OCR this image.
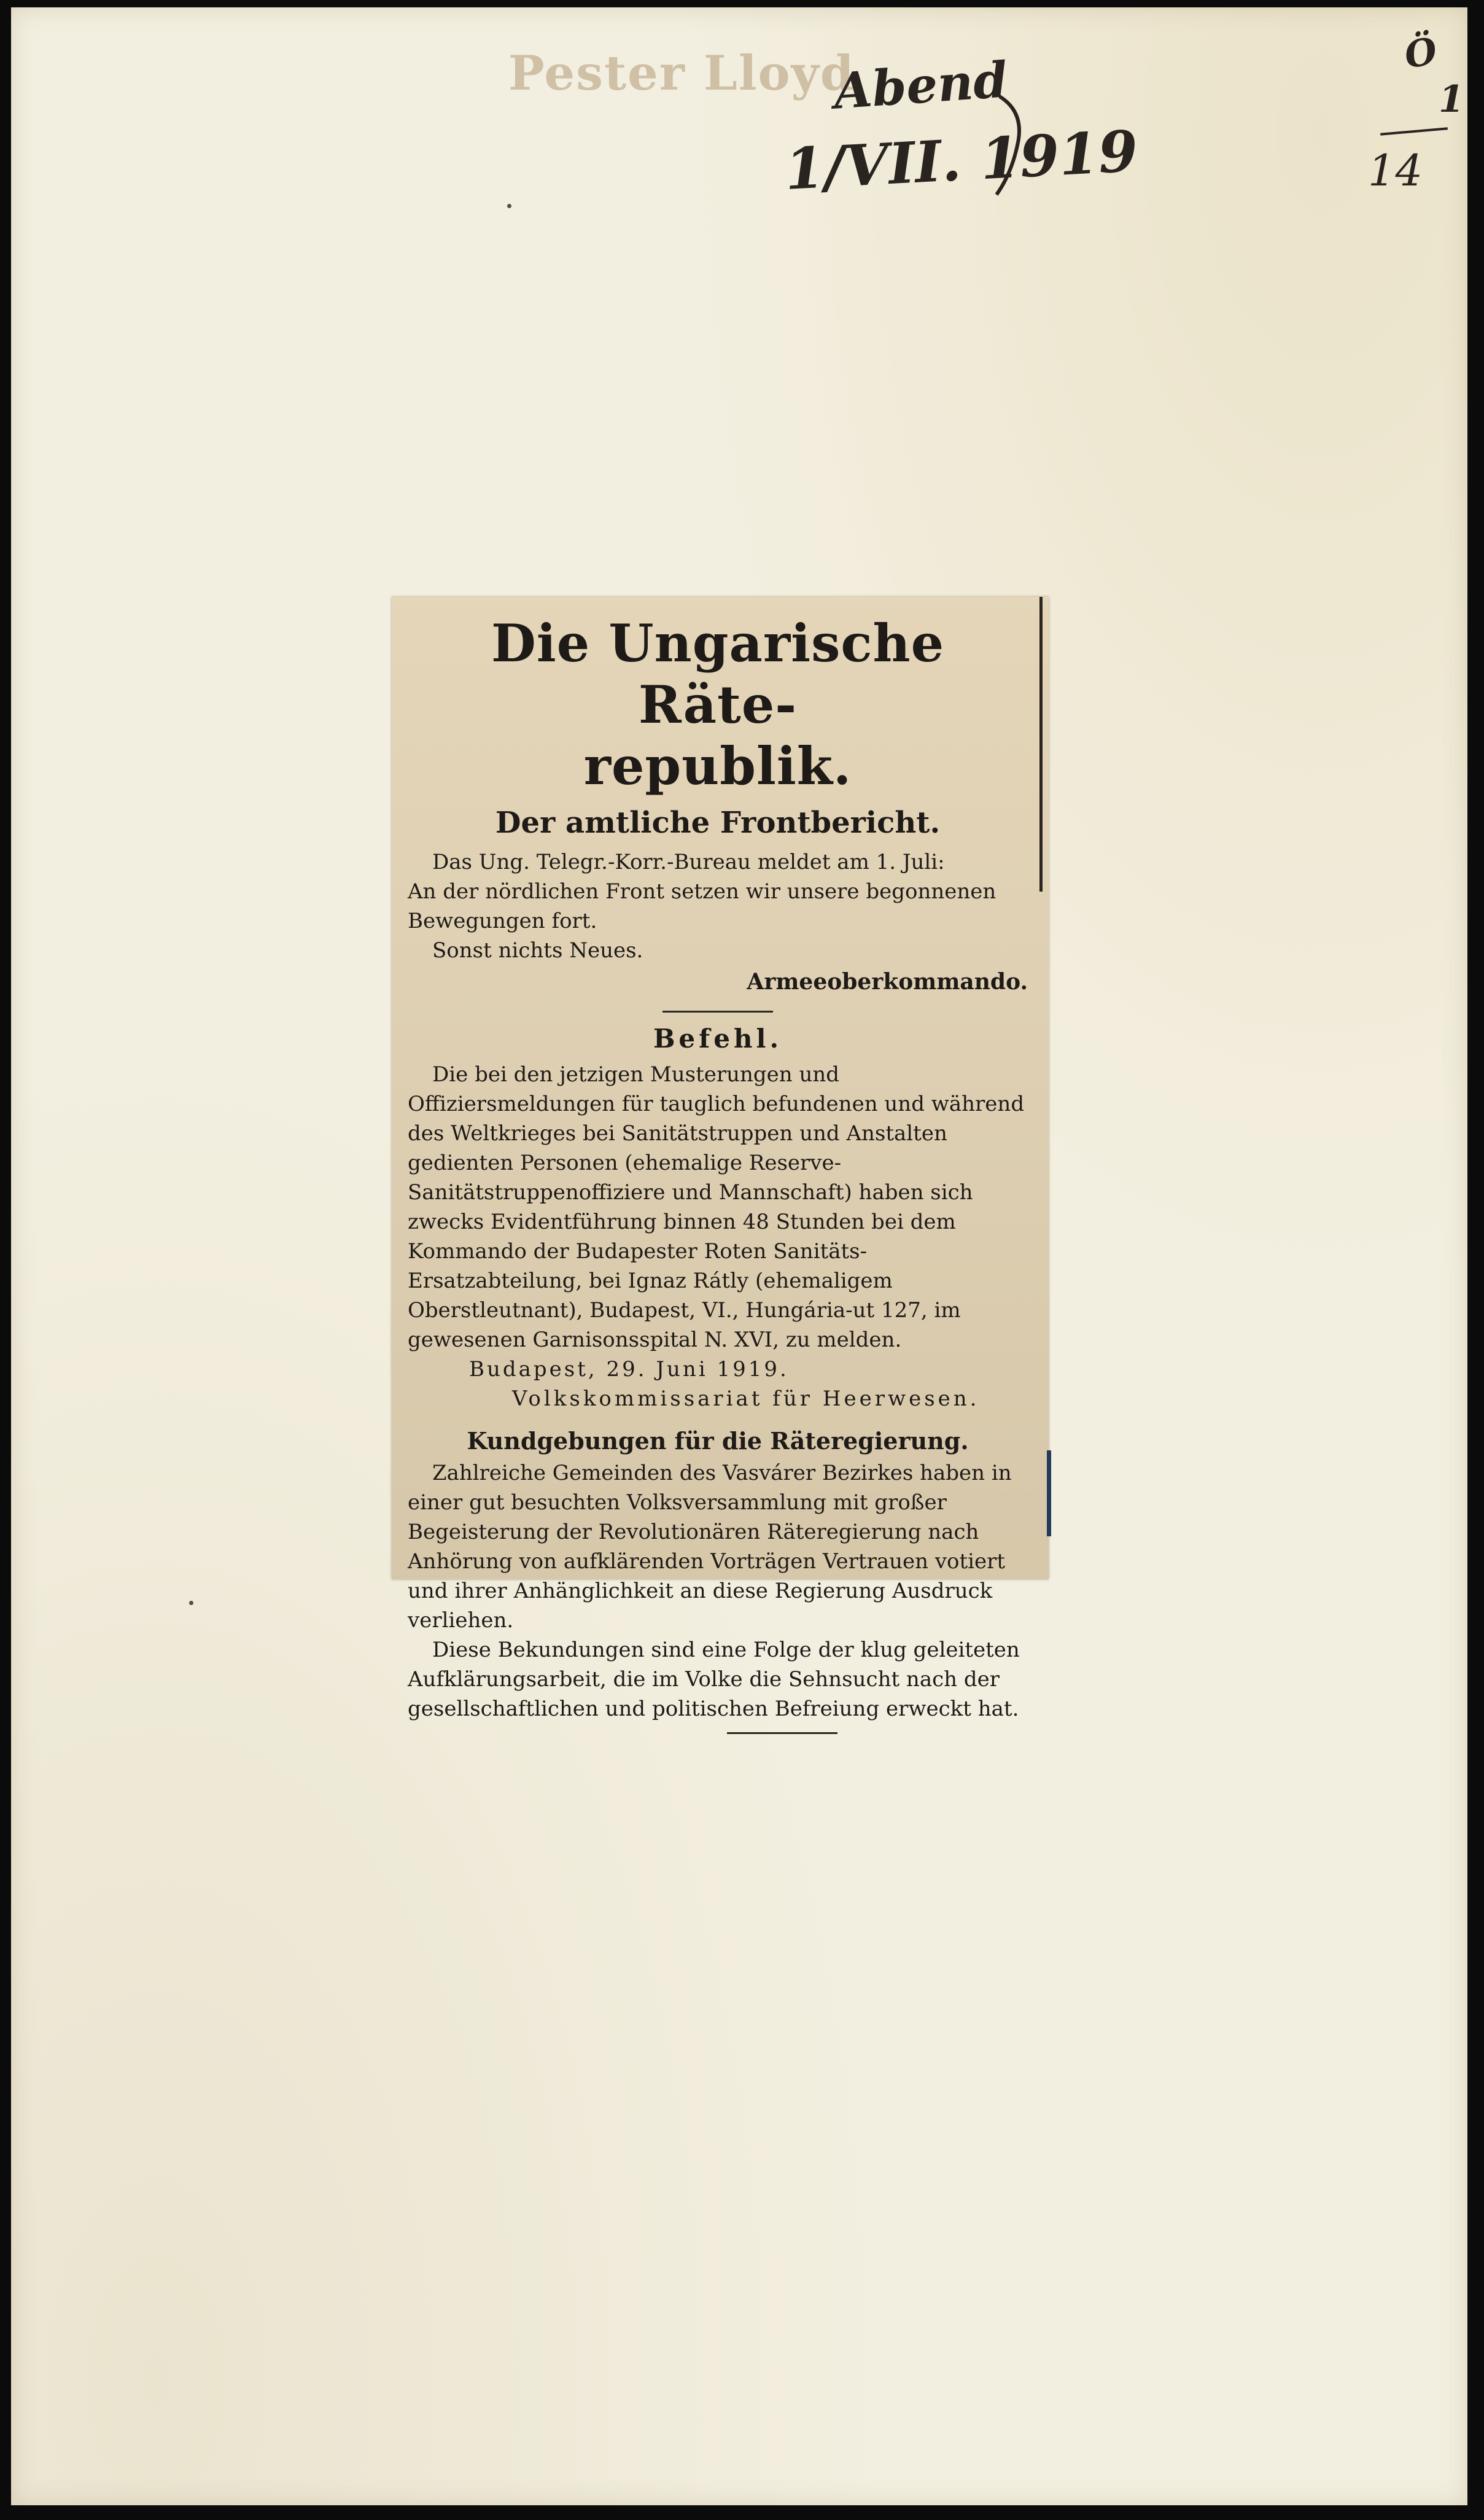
Pester Lloyd
Abend
1/VII. 1919
Ö
1
14
Die Ungarische Räte-
republik.
Der amtliche Frontbericht.

Das Ung. Telegr.-Korr.-Bureau meldet am 1. Juli:

An der nördlichen Front setzen wir unsere begonnenen

Bewegungen fort.

Sonst nichts Neues.

Armeeoberkommando.

Befehl.

Die bei den jetzigen Musterungen und Offiziersmeldungen für tauglich befundenen und während des Weltkrieges bei Sanitätstruppen und Anstalten gedienten Personen (ehemalige Reserve-Sanitätstruppenoffiziere und Mannschaft) haben sich zwecks Evidentführung binnen 48 Stunden bei dem Kommando der Budapester Roten Sanitäts-Ersatzabteilung, bei Ignaz Rátly (ehemaligem Oberstleutnant), Budapest, VI., Hungária-ut 127, im gewesenen Garnisonsspital N. XVI, zu melden.

Budapest, 29. Juni 1919.

Volkskommissariat für Heerwesen.

Kundgebungen für die Räteregierung.

Zahlreiche Gemeinden des Vasvárer Bezirkes haben in einer gut besuchten Volksversammlung mit großer Begeisterung der Revolutionären Räteregierung nach Anhörung von aufklärenden Vorträgen Vertrauen votiert und ihrer Anhänglichkeit an diese Regierung Ausdruck verliehen.

Diese Bekundungen sind eine Folge der klug geleiteten Aufklärungsarbeit, die im Volke die Sehnsucht nach der gesellschaftlichen und politischen Befreiung erweckt hat.
